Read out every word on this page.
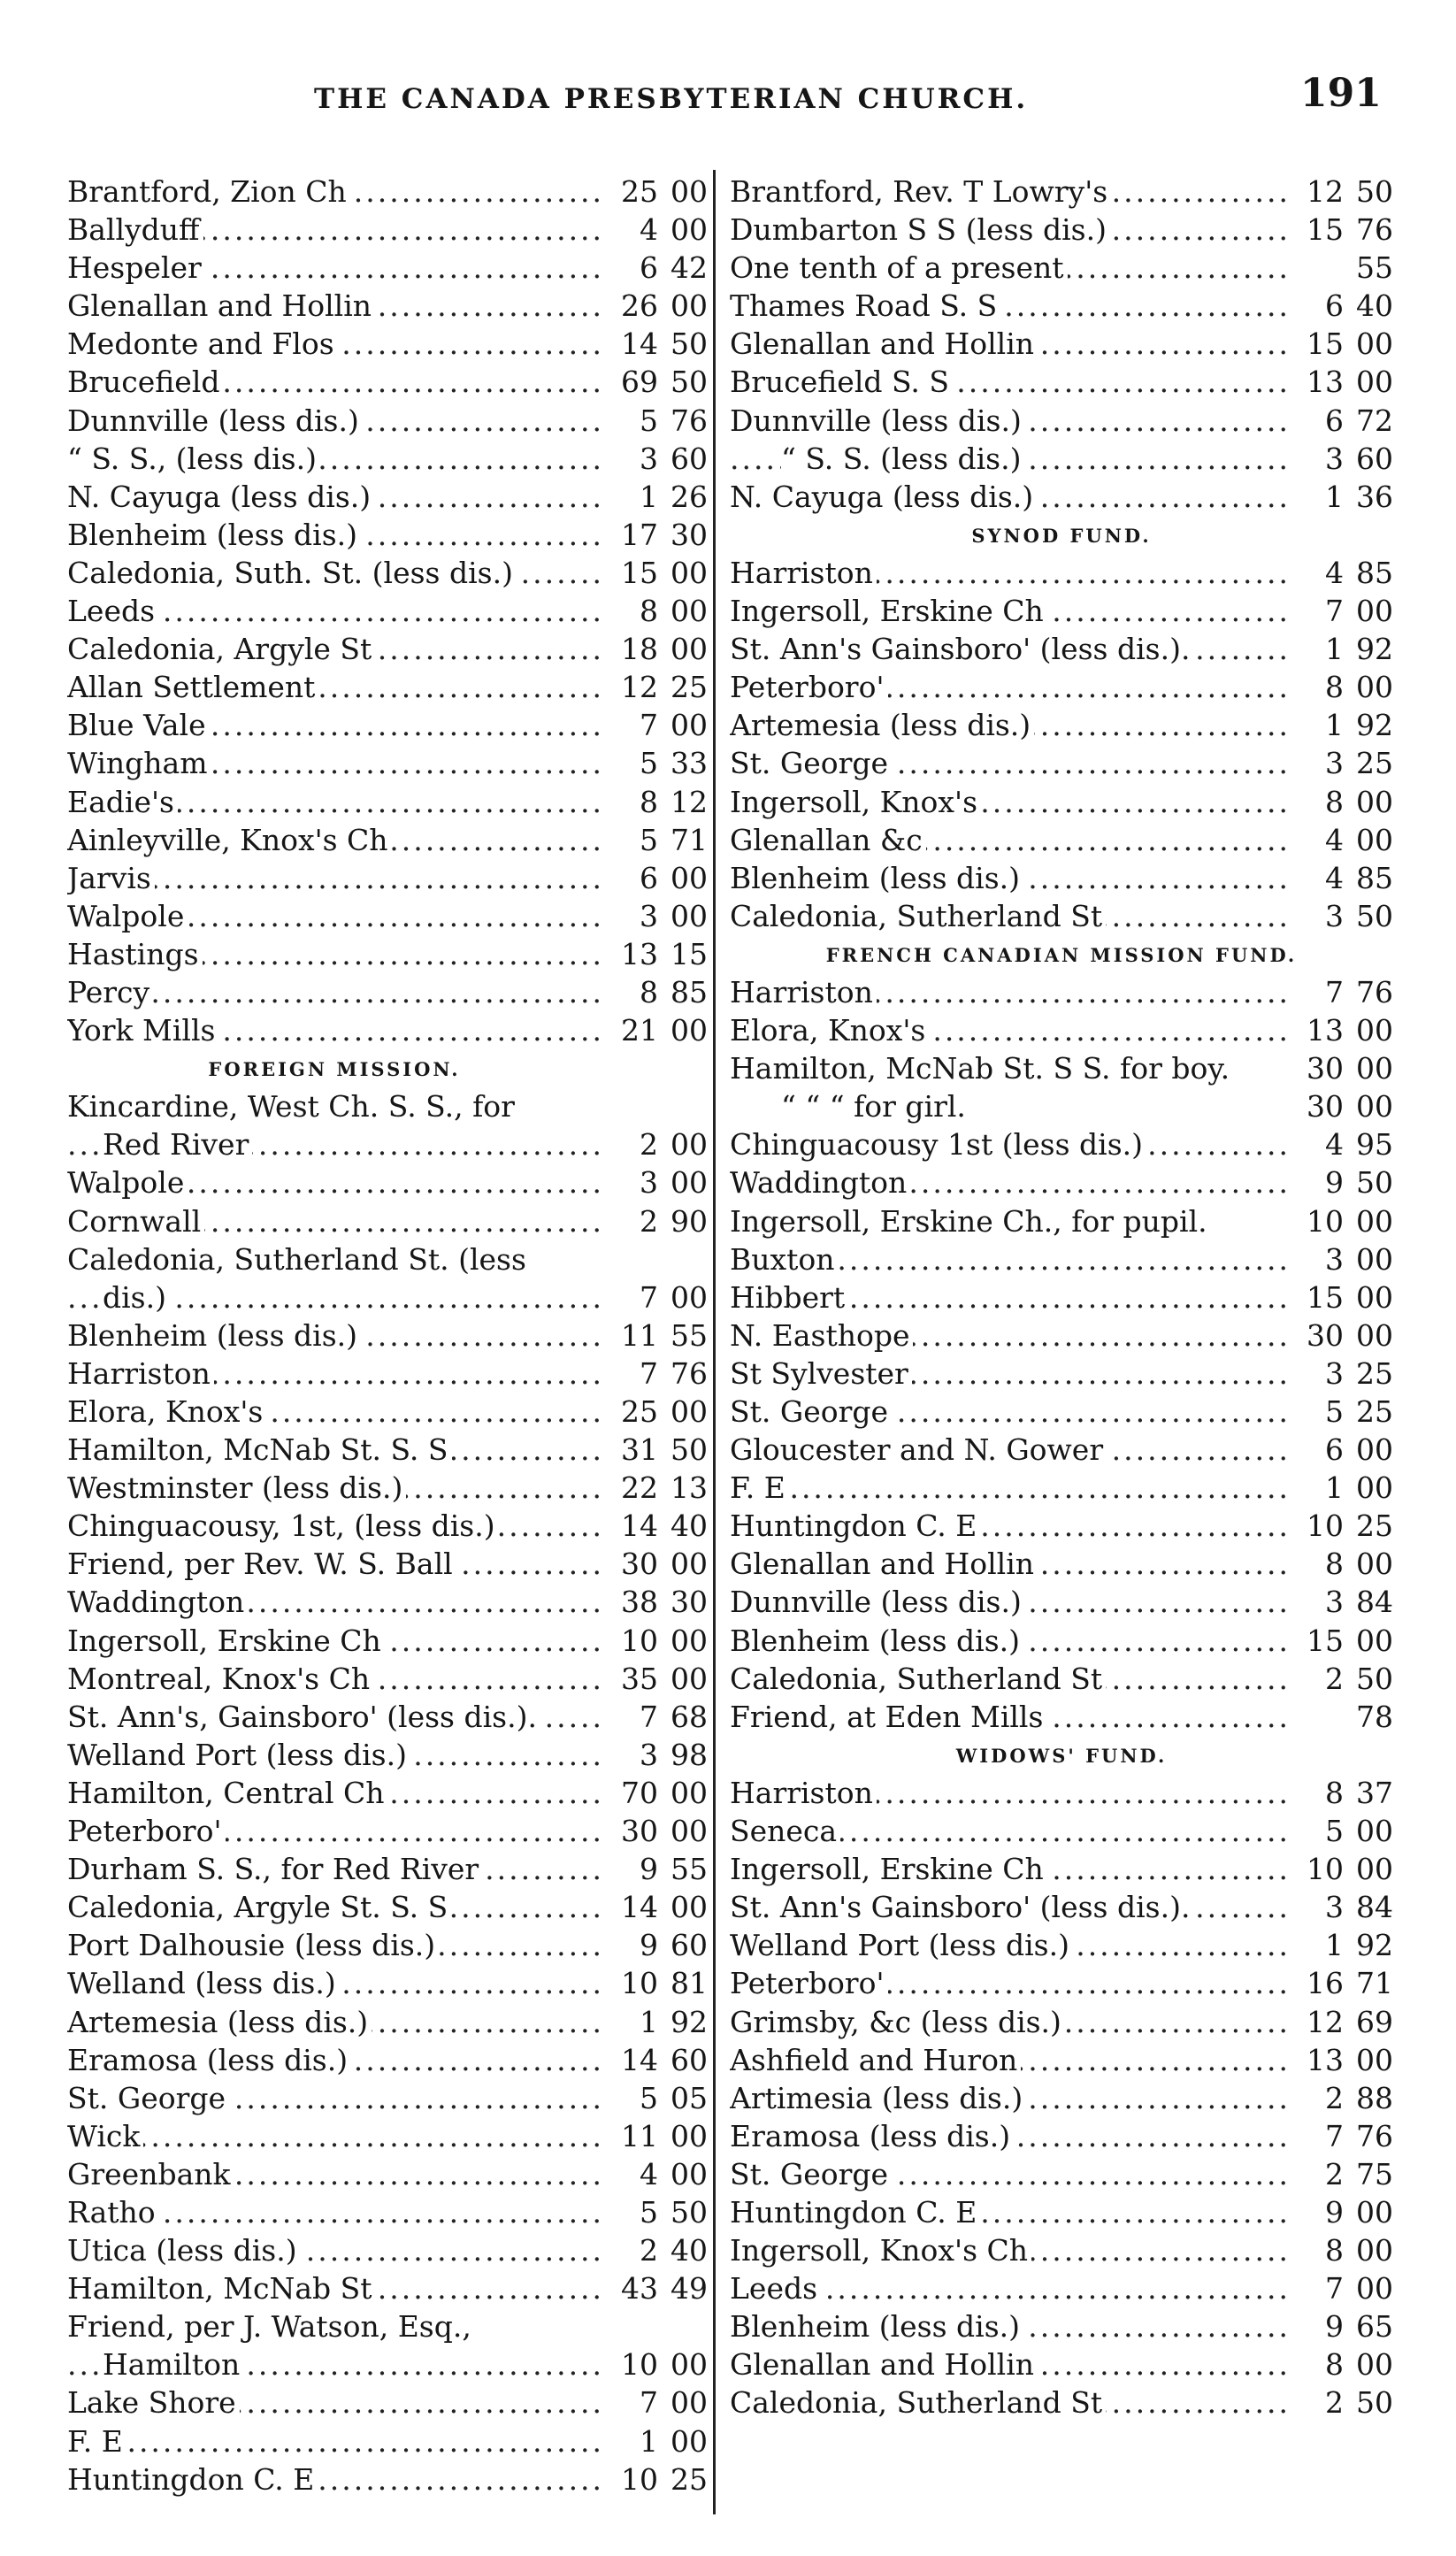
THE CANADA PRESBYTERIAN CHURCH.	191
Brantford, Zion Ch .....	25 00
Ballyduff .....	4 00
Hespeler .....	6 42
Glenallan and Hollin .....	26 00
Medonte and Flos .....	14 50
Brucefield .....	69 50
Dunnville (less dis.) .....	5 76
“ S. S., (less dis.) .....	3 60
N. Cayuga (less dis.) .....	1 26
Blenheim (less dis.) .....	17 30
Caledonia, Suth. St. (less dis.) .....	15 00
Leeds .....	8 00
Caledonia, Argyle St .....	18 00
Allan Settlement .....	12 25
Blue Vale .....	7 00
Wingham .....	5 33
Eadie's .....	8 12
Ainleyville, Knox's Ch .....	5 71
Jarvis .....	6 00
Walpole .....	3 00
Hastings .....	13 15
Percy .....	8 85
York Mills .....	21 00
FOREIGN MISSION.
Kincardine, West Ch. S. S., for
Red River .....	2 00
Walpole .....	3 00
Cornwall .....	2 90
Caledonia, Sutherland St. (less
dis.) .....	7 00
Blenheim (less dis.) .....	11 55
Harriston .....	7 76
Elora, Knox's .....	25 00
Hamilton, McNab St. S. S .....	31 50
Westminster (less dis.) .....	22 13
Chinguacousy, 1st, (less dis.) .....	14 40
Friend, per Rev. W. S. Ball .....	30 00
Waddington .....	38 30
Ingersoll, Erskine Ch .....	10 00
Montreal, Knox's Ch .....	35 00
St. Ann's, Gainsboro' (less dis.). .....	7 68
Welland Port (less dis.) .....	3 98
Hamilton, Central Ch .....	70 00
Peterboro' .....	30 00
Durham S. S., for Red River .....	9 55
Caledonia, Argyle St. S. S .....	14 00
Port Dalhousie (less dis.) .....	9 60
Welland (less dis.) .....	10 81
Artemesia (less dis.) .....	1 92
Eramosa (less dis.) .....	14 60
St. George .....	5 05
Wick .....	11 00
Greenbank .....	4 00
Ratho .....	5 50
Utica (less dis.) .....	2 40
Hamilton, McNab St .....	43 49
Friend, per J. Watson, Esq.,
Hamilton .....	10 00
Lake Shore .....	7 00
F. E .....	1 00
Huntingdon C. E .....	10 25
Brantford, Rev. T Lowry's .....	12 50
Dumbarton S S (less dis.) .....	15 76
One tenth of a present .....	55
Thames Road S. S .....	6 40
Glenallan and Hollin .....	15 00
Brucefield S. S .....	13 00
Dunnville (less dis.) .....	6 72
“ S. S. (less dis.) .....	3 60
N. Cayuga (less dis.) .....	1 36
SYNOD FUND.
Harriston .....	4 85
Ingersoll, Erskine Ch .....	7 00
St. Ann's Gainsboro' (less dis.). .....	1 92
Peterboro' .....	8 00
Artemesia (less dis.) .....	1 92
St. George .....	3 25
Ingersoll, Knox's .....	8 00
Glenallan &c .....	4 00
Blenheim (less dis.) .....	4 85
Caledonia, Sutherland St .....	3 50
FRENCH CANADIAN MISSION FUND.
Harriston .....	7 76
Elora, Knox's .....	13 00
Hamilton, McNab St. S S. for boy.	30 00
“ “ “ for girl.	30 00
Chinguacousy 1st (less dis.) .....	4 95
Waddington .....	9 50
Ingersoll, Erskine Ch., for pupil.	10 00
Buxton .....	3 00
Hibbert .....	15 00
N. Easthope .....	30 00
St Sylvester .....	3 25
St. George .....	5 25
Gloucester and N. Gower .....	6 00
F. E .....	1 00
Huntingdon C. E .....	10 25
Glenallan and Hollin .....	8 00
Dunnville (less dis.) .....	3 84
Blenheim (less dis.) .....	15 00
Caledonia, Sutherland St .....	2 50
Friend, at Eden Mills .....	78
WIDOWS' FUND.
Harriston .....	8 37
Seneca .....	5 00
Ingersoll, Erskine Ch .....	10 00
St. Ann's Gainsboro' (less dis.). .....	3 84
Welland Port (less dis.) .....	1 92
Peterboro' .....	16 71
Grimsby, &c (less dis.) .....	12 69
Ashfield and Huron .....	13 00
Artimesia (less dis.) .....	2 88
Eramosa (less dis.) .....	7 76
St. George .....	2 75
Huntingdon C. E .....	9 00
Ingersoll, Knox's Ch .....	8 00
Leeds .....	7 00
Blenheim (less dis.) .....	9 65
Glenallan and Hollin .....	8 00
Caledonia, Sutherland St .....	2 50
